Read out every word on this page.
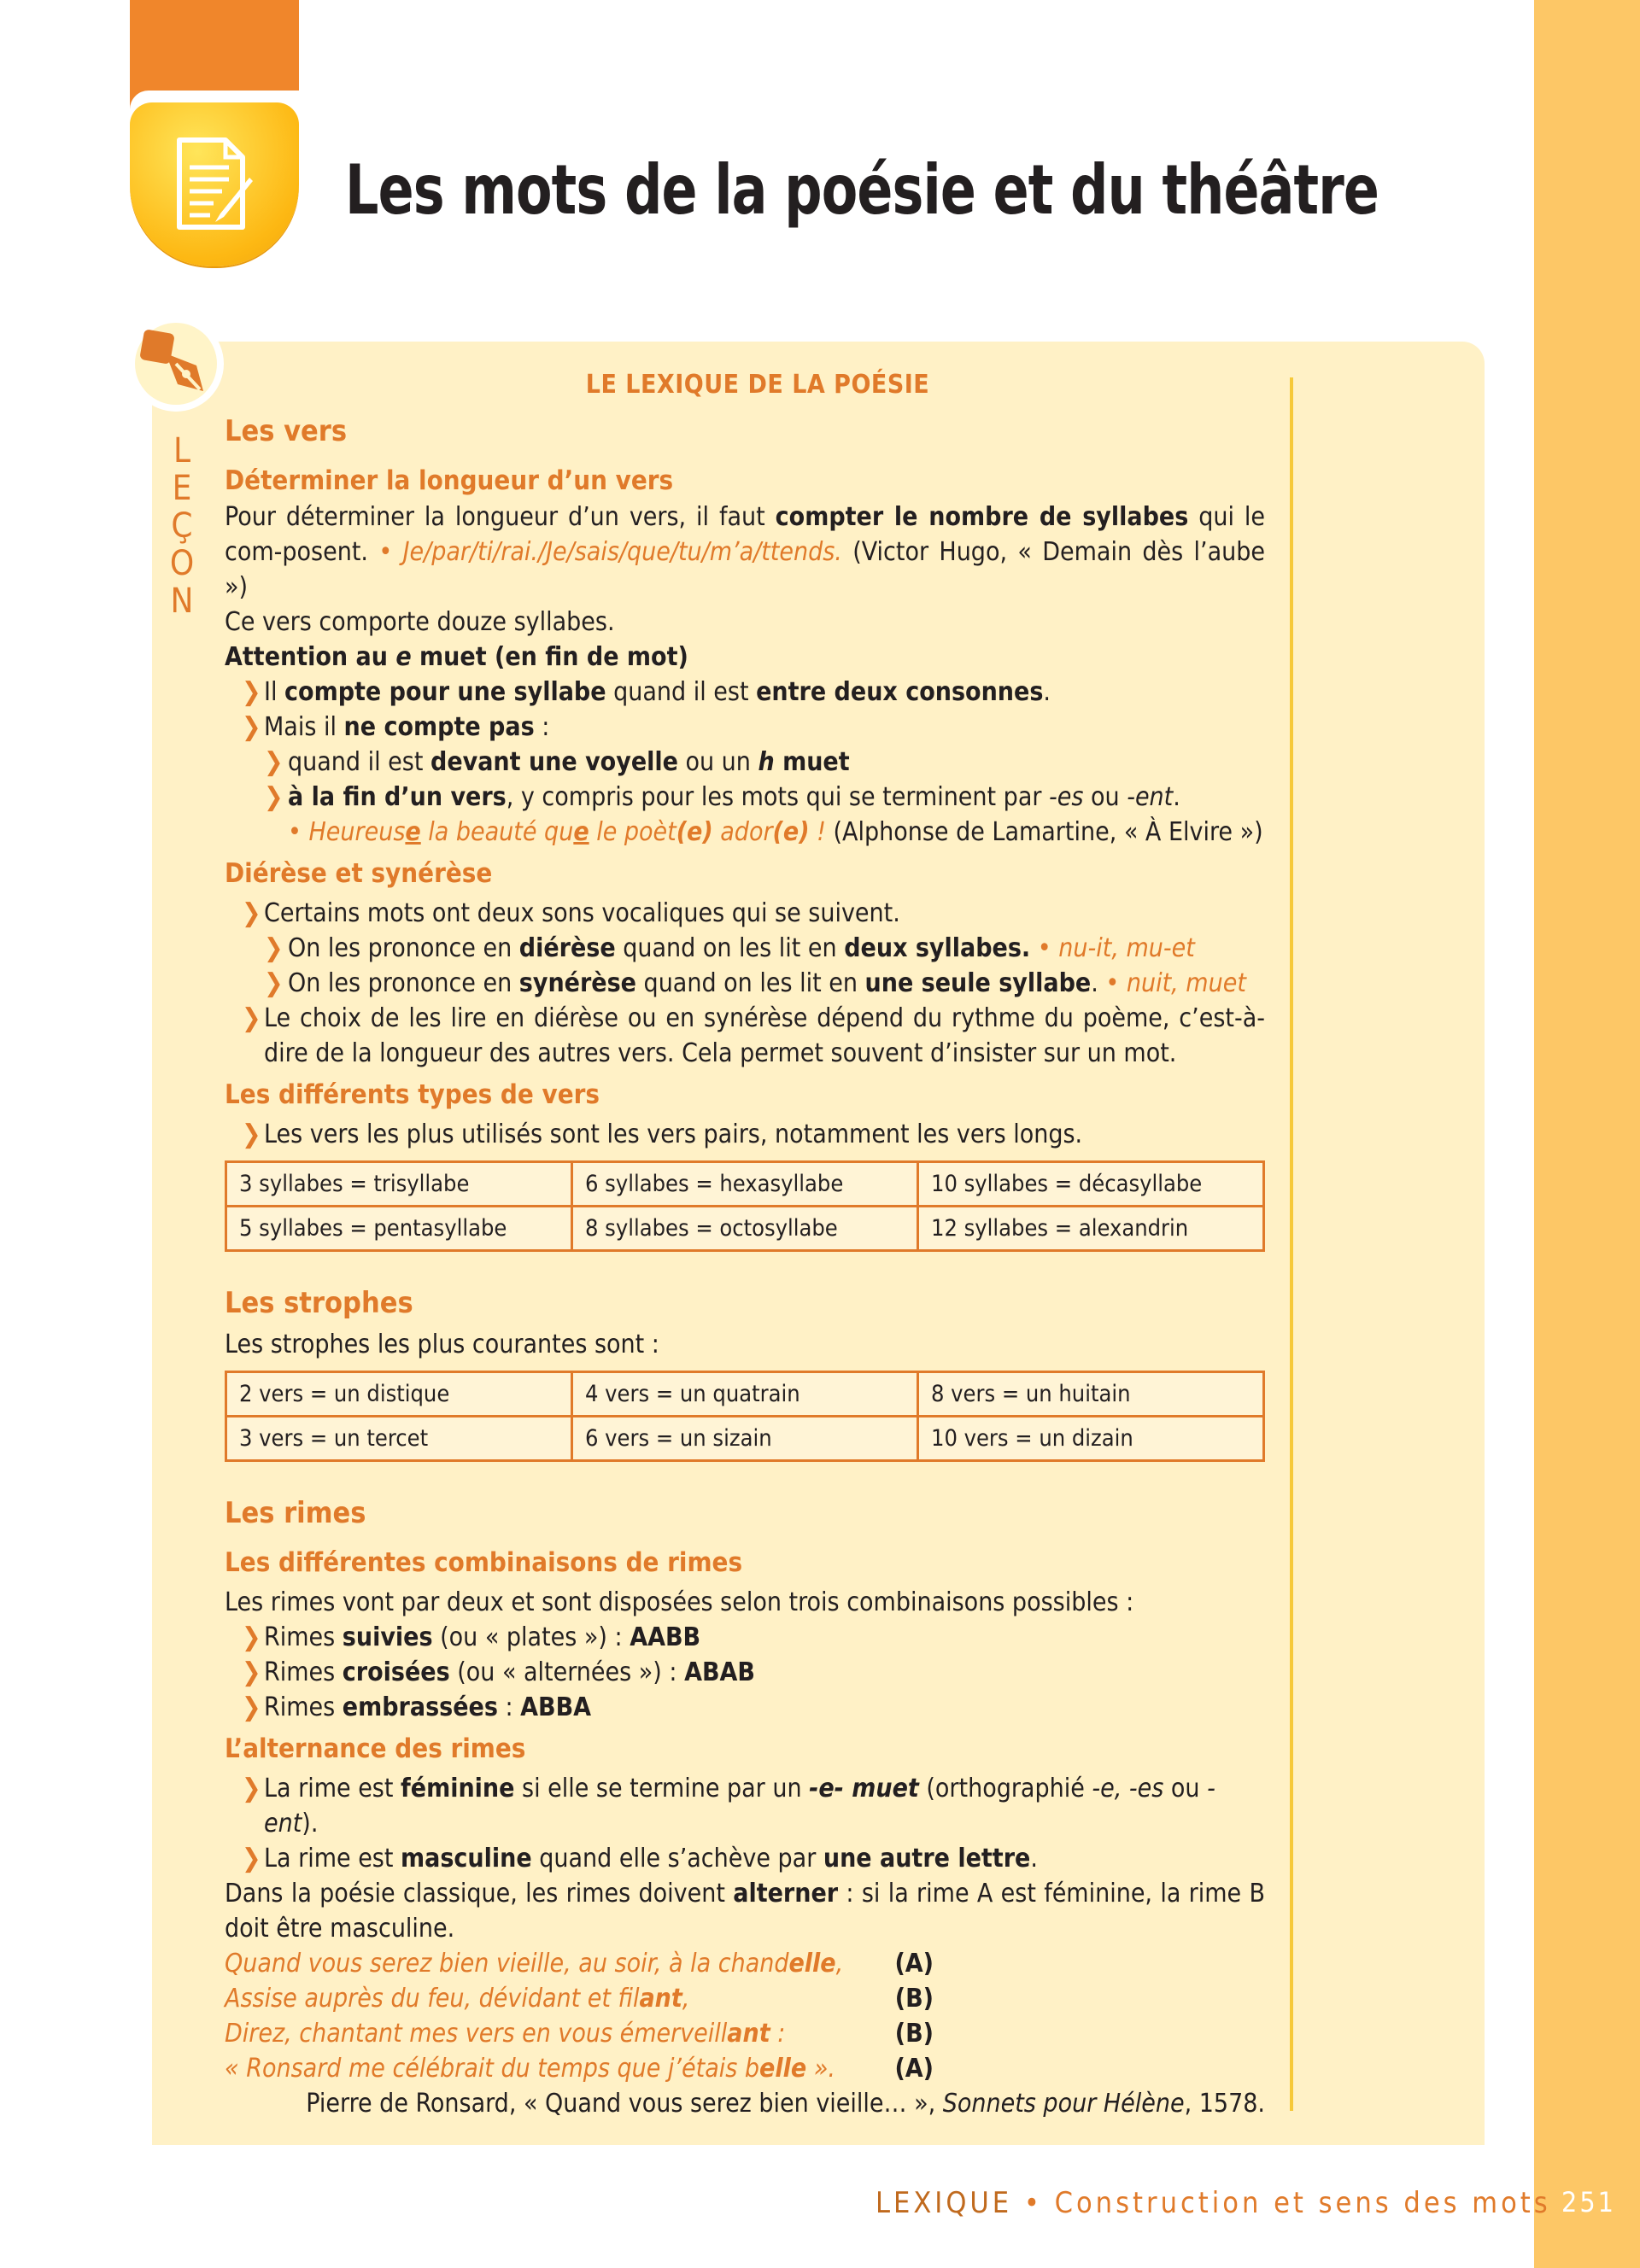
Les mots de la poésie et du théâtre
LEÇON
LE LEXIQUE DE LA POÉSIE
Les vers
Déterminer la longueur d’un vers
Pour déterminer la longueur d’un vers, il faut compter le nombre de syllabes qui le com-posent. • Je/par/ti/rai./Je/sais/que/tu/m’a/ttends. (Victor Hugo, « Demain dès l’aube »)
Ce vers comporte douze syllabes.
Attention au e muet (en fin de mot)
❯ Il compte pour une syllabe quand il est entre deux consonnes.
❯ Mais il ne compte pas :
❯ quand il est devant une voyelle ou un h muet
❯ à la fin d’un vers, y compris pour les mots qui se terminent par -es ou -ent.
• Heureuse la beauté que le poèt(e) ador(e) ! (Alphonse de Lamartine, « À Elvire »)
Diérèse et synérèse
❯ Certains mots ont deux sons vocaliques qui se suivent.
❯ On les prononce en diérèse quand on les lit en deux syllabes. • nu-it, mu-et
❯ On les prononce en synérèse quand on les lit en une seule syllabe. • nuit, muet
❯ Le choix de les lire en diérèse ou en synérèse dépend du rythme du poème, c’est-à-dire de la longueur des autres vers. Cela permet souvent d’insister sur un mot.
Les différents types de vers
❯ Les vers les plus utilisés sont les vers pairs, notamment les vers longs.
3 syllabes = trisyllabe	6 syllabes = hexasyllabe	10 syllabes = décasyllabe
5 syllabes = pentasyllabe	8 syllabes = octosyllabe	12 syllabes = alexandrin
Les strophes
Les strophes les plus courantes sont :
2 vers = un distique	4 vers = un quatrain	8 vers = un huitain
3 vers = un tercet	6 vers = un sizain	10 vers = un dizain
Les rimes
Les différentes combinaisons de rimes
Les rimes vont par deux et sont disposées selon trois combinaisons possibles :
❯ Rimes suivies (ou « plates ») : AABB
❯ Rimes croisées (ou « alternées ») : ABAB
❯ Rimes embrassées : ABBA
L’alternance des rimes
❯ La rime est féminine si elle se termine par un -e- muet (orthographié -e, -es ou -ent).
❯ La rime est masculine quand elle s’achève par une autre lettre.
Dans la poésie classique, les rimes doivent alterner : si la rime A est féminine, la rime B doit être masculine.
Quand vous serez bien vieille, au soir, à la chandelle, (A)
Assise auprès du feu, dévidant et filant,	(B)
Direz, chantant mes vers en vous émerveillant :	(B)
« Ronsard me célébrait du temps que j’étais belle ». (A)
Pierre de Ronsard, « Quand vous serez bien vieille… », Sonnets pour Hélène, 1578.
LEXIQUE • Construction et sens des mots 251
